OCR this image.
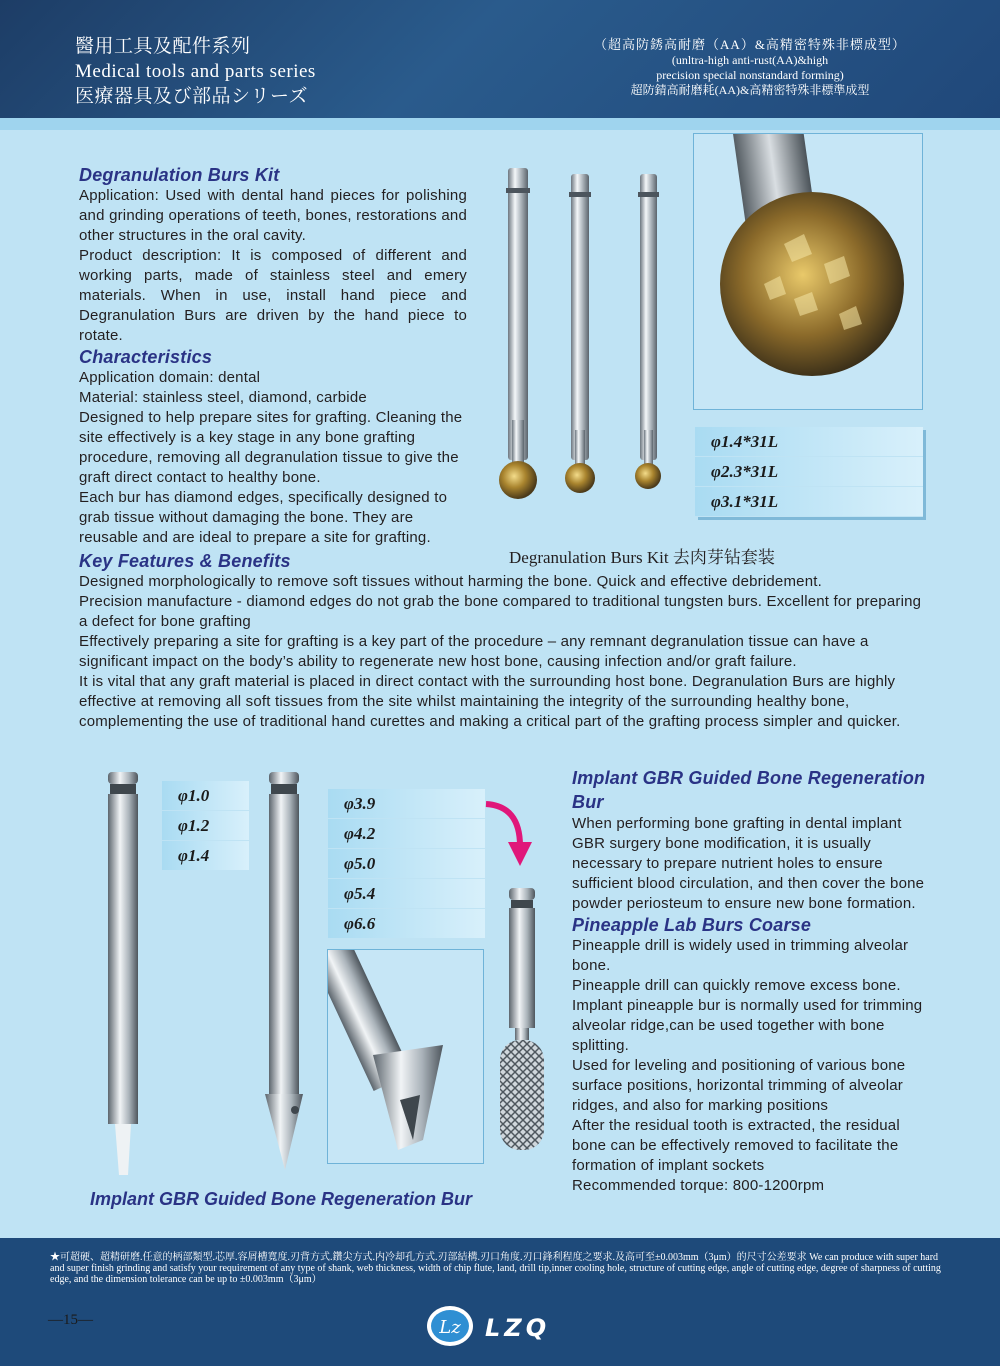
醫用工具及配件系列
Medical tools and parts series
医療器具及び部品シリーズ
（超高防銹高耐磨（AA）&高精密特殊非標成型）
(unltra-high anti-rust(AA)&high
precision special nonstandard forming)
超防錆高耐磨耗(AA)&高精密特殊非標準成型

Degranulation Burs Kit

Application: Used with dental hand pieces for polishing and grinding operations of teeth, bones, restorations and other structures in the oral cavity.

Product description: It is composed of different and working parts, made of stainless steel and emery materials. When in use, install hand piece and Degranulation Burs are driven by the hand piece to rotate.

Characteristics

Application domain: dental

Material: stainless steel, diamond, carbide

Designed to help prepare sites for grafting. Cleaning the site effectively is a key stage in any bone grafting procedure, removing all degranulation tissue to give the graft direct contact to healthy bone.

Each bur has diamond edges, specifically designed to grab tissue without damaging the bone. They are reusable and are ideal to prepare a site for grafting.

φ1.4*31L
φ2.3*31L
φ3.1*31L
Degranulation Burs Kit 去肉芽钻套装

Key Features & Benefits

Designed morphologically to remove soft tissues without harming the bone. Quick and effective debridement.

Precision manufacture - diamond edges do not grab the bone compared to traditional tungsten burs. Excellent for preparing a defect for bone grafting

Effectively preparing a site for grafting is a key part of the procedure – any remnant degranulation tissue can have a significant impact on the body’s ability to regenerate new host bone, causing infection and/or graft failure.

It is vital that any graft material is placed in direct contact with the surrounding host bone. Degranulation Burs are highly effective at removing all soft tissues from the site whilst maintaining the integrity of the surrounding healthy bone, complementing the use of traditional hand curettes and making a critical part of the grafting process simpler and quicker.

φ1.0
φ1.2
φ1.4
φ3.9
φ4.2
φ5.0
φ5.4
φ6.6
Implant GBR Guided Bone Regeneration Bur

Implant GBR Guided Bone Regeneration Bur

When performing bone grafting in dental implant GBR surgery bone modification, it is usually necessary to prepare nutrient holes to ensure sufficient blood circulation, and then cover the bone powder periosteum to ensure new bone formation.

Pineapple Lab Burs Coarse

Pineapple drill is widely used in trimming alveolar bone.

Pineapple drill can quickly remove excess bone. Implant pineapple bur is normally used for trimming alveolar ridge,can be used together with bone splitting.

Used for leveling and positioning of various bone surface positions, horizontal trimming of alveolar ridges, and also for marking positions

After the residual tooth is extracted, the residual bone can be effectively removed to facilitate the formation of implant sockets

Recommended torque: 800-1200rpm

★可超硬、超精研磨.任意的柄部類型.芯厚.容屑槽寬度.刃背方式.鑽尖方式.内冷却孔方式.刃部結構.刃口角度.刃口鋒利程度之要求.及高可至±0.003mm（3μm）的尺寸公差要求 We can produce with super hard and super finish grinding and satisfy your requirement of any type of shank, web thickness, width of chip flute, land, drill tip,inner cooling hole, structure of cutting edge, angle of cutting edge, degree of sharpness of cutting edge, and the dimension tolerance can be up to ±0.003mm（3μm）
Lz LZQ
—15—
